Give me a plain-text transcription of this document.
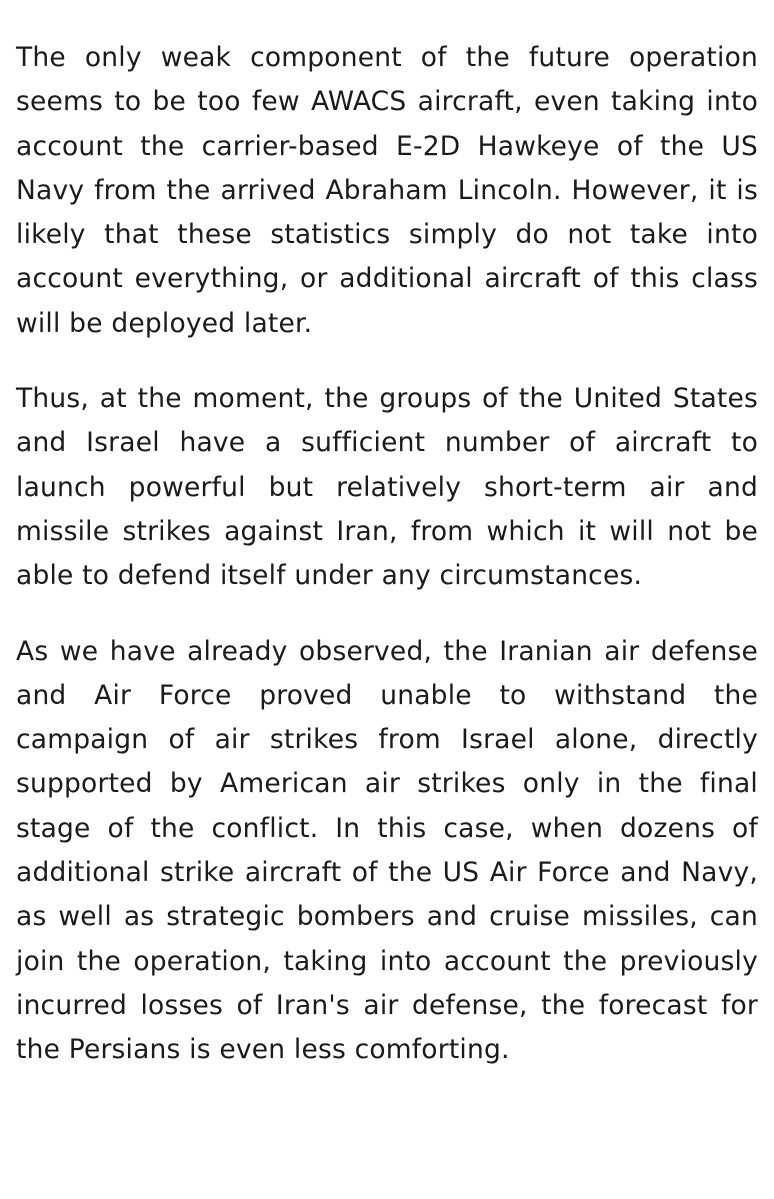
The only weak component of the future operation seems to be too few AWACS aircraft, even taking into account the carrier-based E-2D Hawkeye of the US Navy from the arrived Abraham Lincoln. However, it is likely that these statistics simply do not take into account everything, or additional aircraft of this class will be deployed later.

Thus, at the moment, the groups of the United States and Israel have a sufficient number of aircraft to launch powerful but relatively short-term air and missile strikes against Iran, from which it will not be able to defend itself under any circumstances.

As we have already observed, the Iranian air defense and Air Force proved unable to withstand the campaign of air strikes from Israel alone, directly supported by American air strikes only in the final stage of the conflict. In this case, when dozens of additional strike aircraft of the US Air Force and Navy, as well as strategic bombers and cruise missiles, can join the operation, taking into account the previously incurred losses of Iran's air defense, the forecast for the Persians is even less comforting.
